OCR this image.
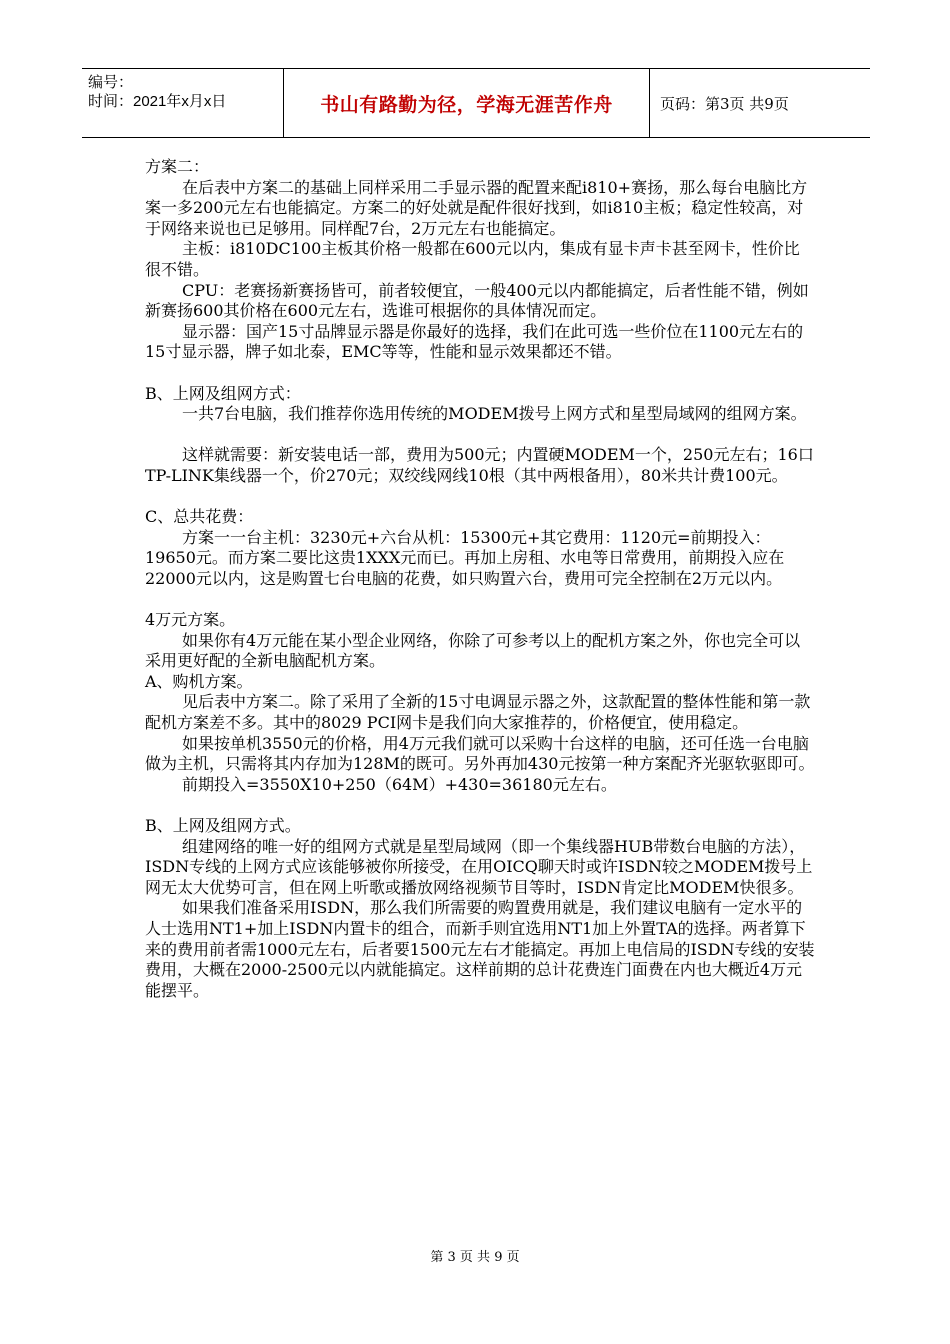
编号：
时间：2021年x月x日	书山有路勤为径，学海无涯苦作舟	页码：第3页 共9页

方案二：

在后表中方案二的基础上同样采用二手显示器的配置来配i810+赛扬，那么每台电脑比方案一多200元左右也能搞定。方案二的好处就是配件很好找到，如i810主板；稳定性较高，对于网络来说也已足够用。同样配7台，2万元左右也能搞定。

主板：i810DC100主板其价格一般都在600元以内，集成有显卡声卡甚至网卡，性价比很不错。

CPU：老赛扬新赛扬皆可，前者较便宜，一般400元以内都能搞定，后者性能不错，例如新赛扬600其价格在600元左右，选谁可根据你的具体情况而定。

显示器：国产15寸品牌显示器是你最好的选择，我们在此可选一些价位在1100元左右的15寸显示器，牌子如北泰，EMC等等，性能和显示效果都还不错。

B、上网及组网方式：

一共7台电脑，我们推荐你选用传统的MODEM拨号上网方式和星型局域网的组网方案。

这样就需要：新安装电话一部，费用为500元；内置硬MODEM一个，250元左右；16口TP-LINK集线器一个，价270元；双绞线网线10根（其中两根备用），80米共计费100元。

C、总共花费：

方案一一台主机：3230元+六台从机：15300元+其它费用：1120元=前期投入：19650元。而方案二要比这贵1XXX元而已。再加上房租、水电等日常费用，前期投入应在22000元以内，这是购置七台电脑的花费，如只购置六台，费用可完全控制在2万元以内。

4万元方案。

如果你有4万元能在某小型企业网络，你除了可参考以上的配机方案之外，你也完全可以采用更好配的全新电脑配机方案。

A、购机方案。

见后表中方案二。除了采用了全新的15寸电调显示器之外，这款配置的整体性能和第一款配机方案差不多。其中的8029 PCI网卡是我们向大家推荐的，价格便宜，使用稳定。

如果按单机3550元的价格，用4万元我们就可以采购十台这样的电脑，还可任选一台电脑做为主机，只需将其内存加为128M的既可。另外再加430元按第一种方案配齐光驱软驱即可。

前期投入=3550X10+250（64M）+430=36180元左右。

B、上网及组网方式。

组建网络的唯一好的组网方式就是星型局域网（即一个集线器HUB带数台电脑的方法），ISDN专线的上网方式应该能够被你所接受，在用OICQ聊天时或许ISDN较之MODEM拨号上网无太大优势可言，但在网上听歌或播放网络视频节目等时，ISDN肯定比MODEM快很多。

如果我们准备采用ISDN，那么我们所需要的购置费用就是，我们建议电脑有一定水平的人士选用NT1+加上ISDN内置卡的组合，而新手则宜选用NT1加上外置TA的选择。两者算下来的费用前者需1000元左右，后者要1500元左右才能搞定。再加上电信局的ISDN专线的安装费用，大概在2000-2500元以内就能搞定。这样前期的总计花费连门面费在内也大概近4万元能摆平。

第 3 页 共 9 页
